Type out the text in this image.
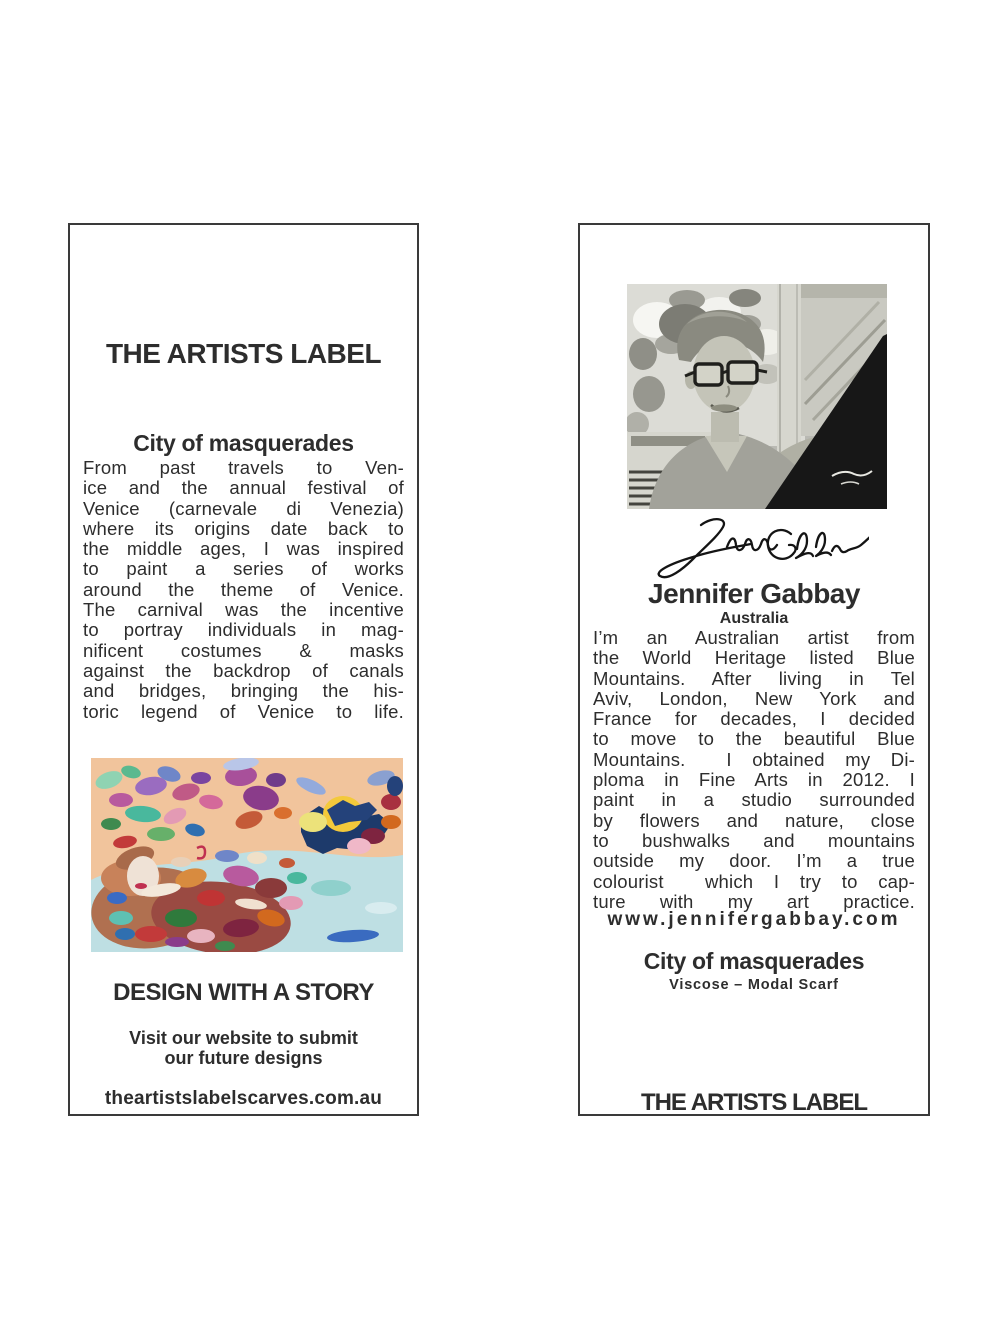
THE ARTISTS LABEL
City of masquerades
From past travels to Ven-
ice and the annual festival of
Venice (carnevale di Venezia)
where its origins date back to
the middle ages, I was inspired
to paint a series of works
around the theme of Venice.
The carnival was the incentive
to portray individuals in mag-
nificent costumes & masks
against the backdrop of canals
and bridges, bringing the his-
toric legend of Venice to life.
DESIGN WITH A STORY
Visit our website to submit
our future designs
theartistslabelscarves.com.au
Jennifer Gabbay
Australia
I’m an Australian artist from
the World Heritage listed Blue
Mountains. After living in Tel
Aviv, London, New York and
France for decades, I decided
to move to the beautiful Blue
Mountains.  I obtained my Di-
ploma in Fine Arts in 2012. I
paint in a studio surrounded
by flowers and nature, close
to bushwalks and mountains
outside my door. I’m a true
colourist  which I try to cap-
ture with my art practice.
www.jennifergabbay.com
City of masquerades
Viscose – Modal Scarf
THE ARTISTS LABEL
